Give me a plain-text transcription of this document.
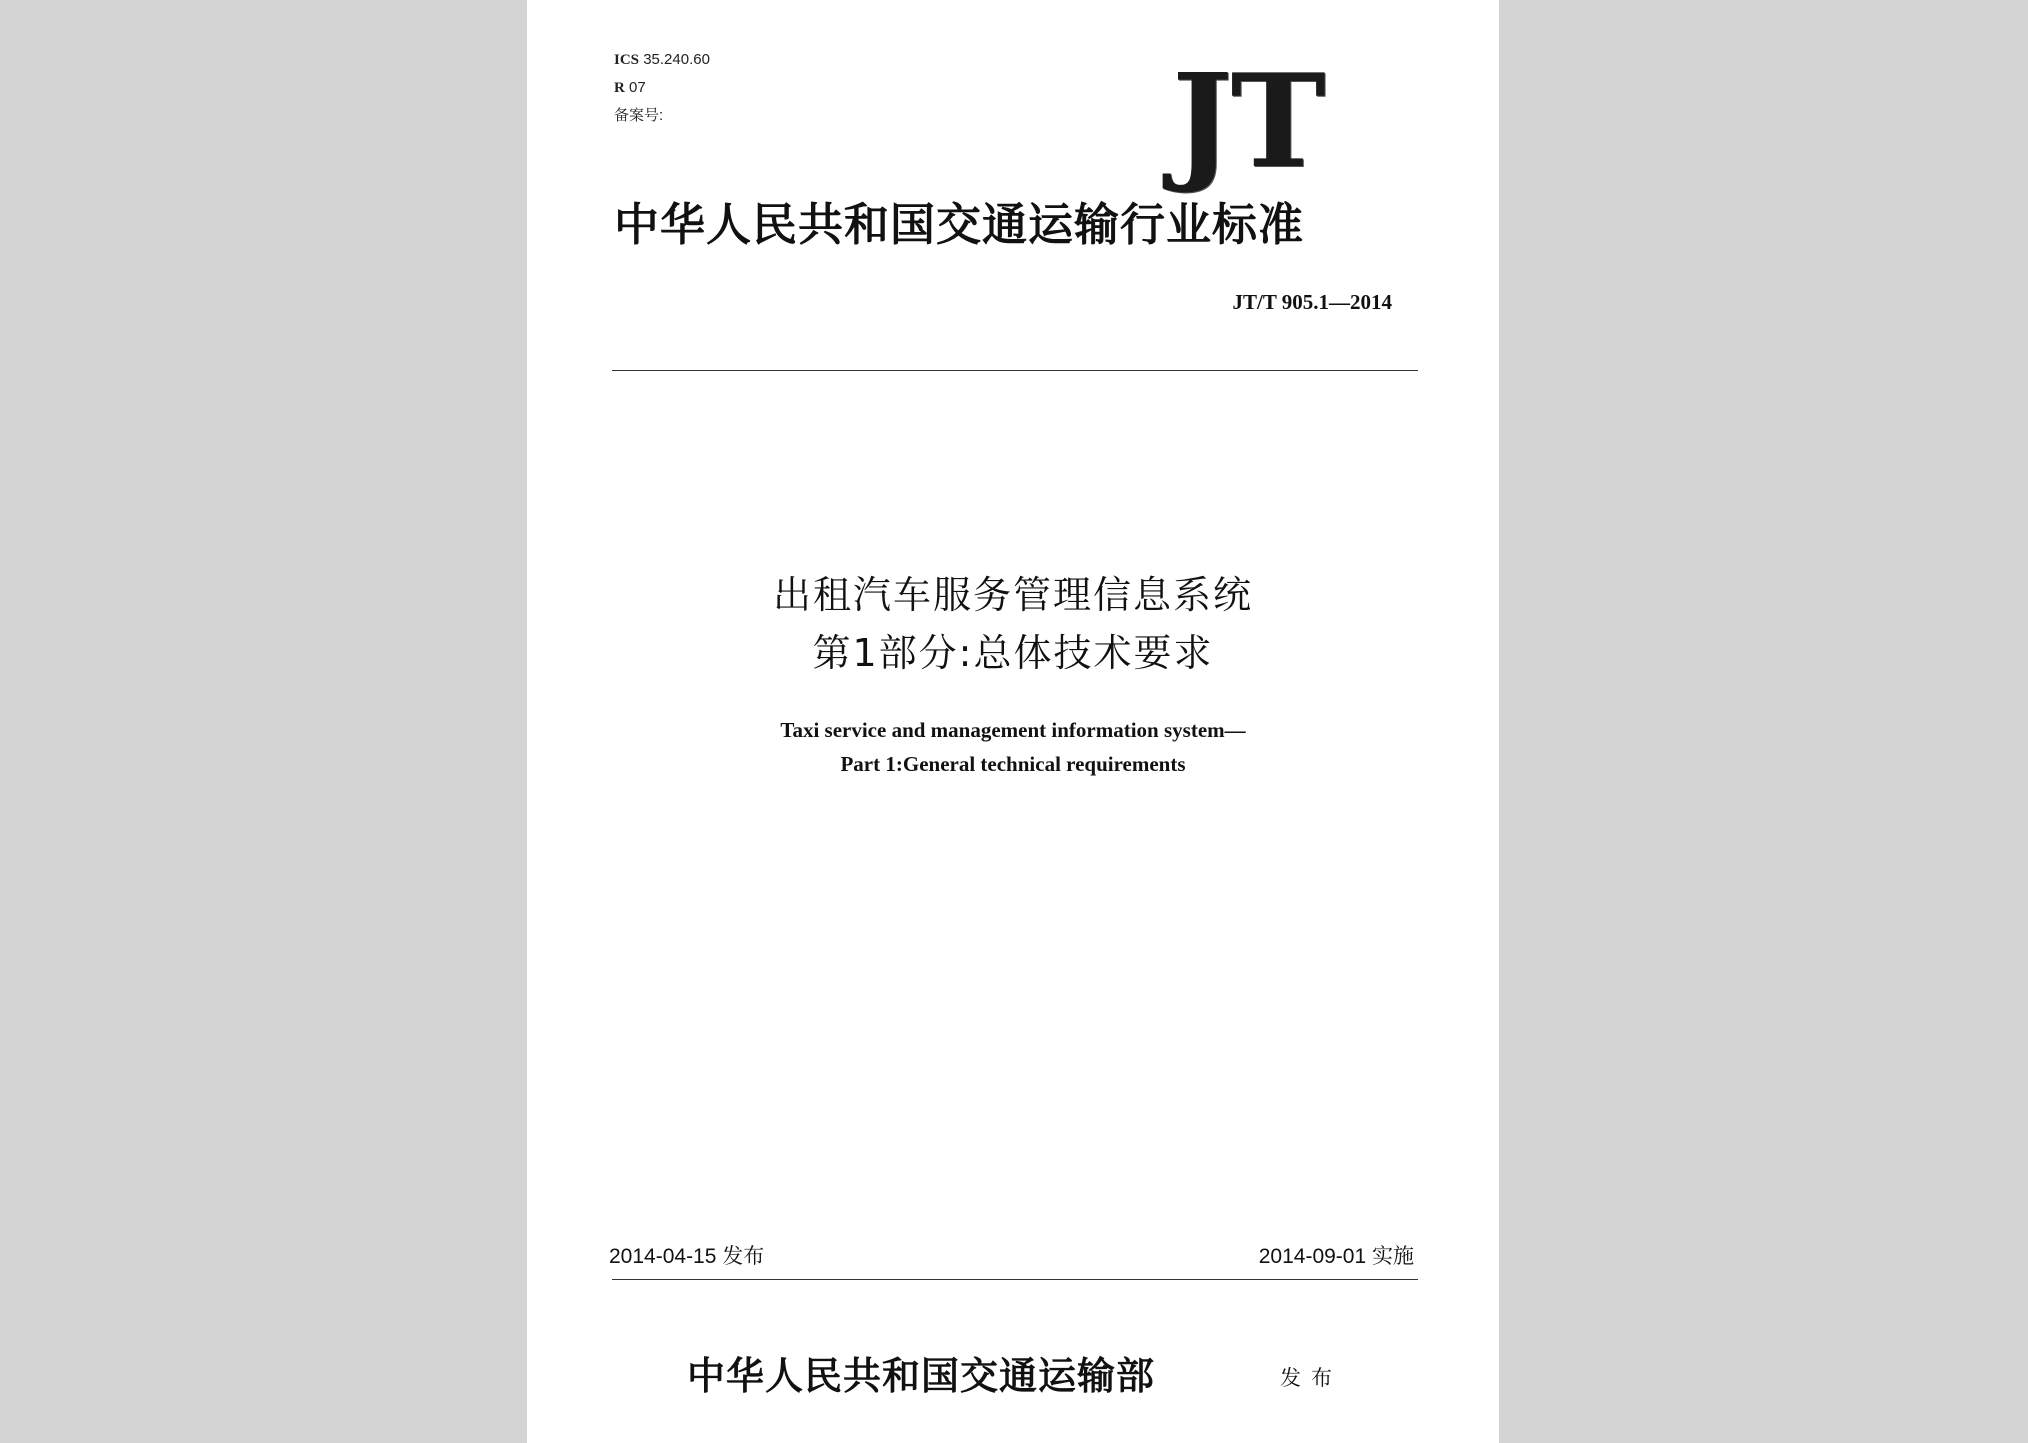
ICS 35.240.60
R 07
备案号:	JT
中华人民共和国交通运输行业标准
JT/T 905.1—2014
出租汽车服务管理信息系统
第1部分:总体技术要求
Taxi service and management information system—
Part 1:General technical requirements
2014-04-15 发布	2014-09-01 实施
中华人民共和国交通运输部	发布
